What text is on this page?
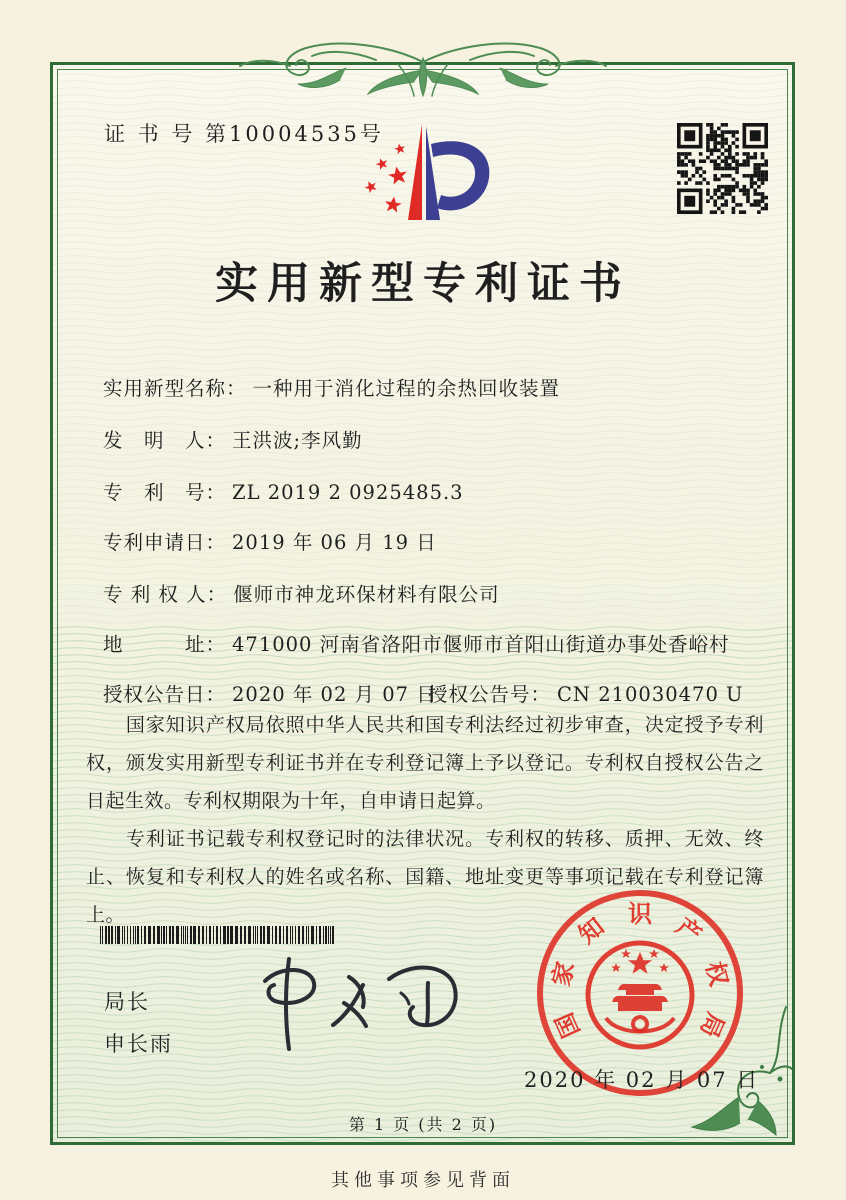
证 书 号 第10004535号
实用新型专利证书
实用新型名称： 一种用于消化过程的余热回收装置
发　明　人： 王洪波;李风勤
专　利　号： ZL 2019 2 0925485.3
专利申请日： 2019 年 06 月 19 日
专 利 权 人： 偃师市神龙环保材料有限公司
地　　　址： 471000 河南省洛阳市偃师市首阳山街道办事处香峪村
授权公告日： 2020 年 02 月 07 日
授权公告号： CN 210030470 U

国家知识产权局依照中华人民共和国专利法经过初步审查，决定授予专利权，颁发实用新型专利证书并在专利登记簿上予以登记。专利权自授权公告之日起生效。专利权期限为十年，自申请日起算。

专利证书记载专利权登记时的法律状况。专利权的转移、质押、无效、终止、恢复和专利权人的姓名或名称、国籍、地址变更等事项记载在专利登记簿上。

局长
申长雨
国
家
知 识 产
权
局
2020 年 02 月 07 日
第 1 页 (共 2 页)
其他事项参见背面
